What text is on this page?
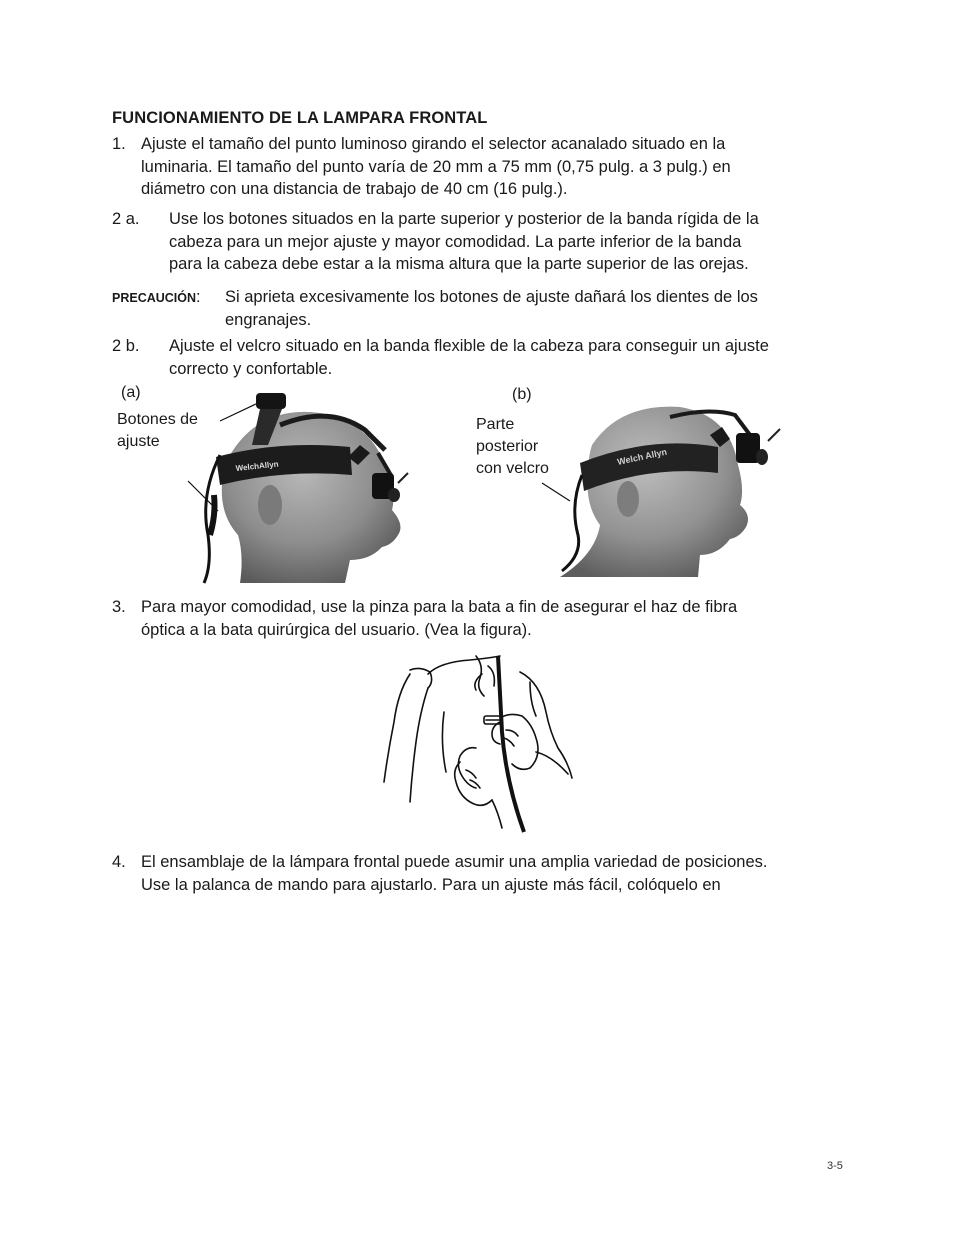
FUNCIONAMIENTO DE LA LAMPARA FRONTAL
1. Ajuste el tamaño del punto luminoso girando el selector acanalado situado en la
luminaria. El tamaño del punto varía de 20 mm a 75 mm (0,75 pulg. a 3 pulg.) en
diámetro con una distancia de trabajo de 40 cm (16 pulg.).
2 a. Use los botones situados en la parte superior y posterior de la banda rígida de la
cabeza para un mejor ajuste y mayor comodidad. La parte inferior de la banda
para la cabeza debe estar a la misma altura que la parte superior de las orejas.
PRECAUCIÓN: Si aprieta excesivamente los botones de ajuste dañará los dientes de los
engranajes.
2 b. Ajuste el velcro situado en la banda flexible de la cabeza para conseguir un ajuste
correcto y confortable.
(a)
Botones de
ajuste
WelchAllyn
(b)
Parte
posterior
con velcro
Welch Allyn
3. Para mayor comodidad, use la pinza para la bata a fin de asegurar el haz de fibra
óptica a la bata quirúrgica del usuario. (Vea la figura).
4. El ensamblaje de la lámpara frontal puede asumir una amplia variedad de posiciones.
Use la palanca de mando para ajustarlo. Para un ajuste más fácil, colóquelo en
3-5
